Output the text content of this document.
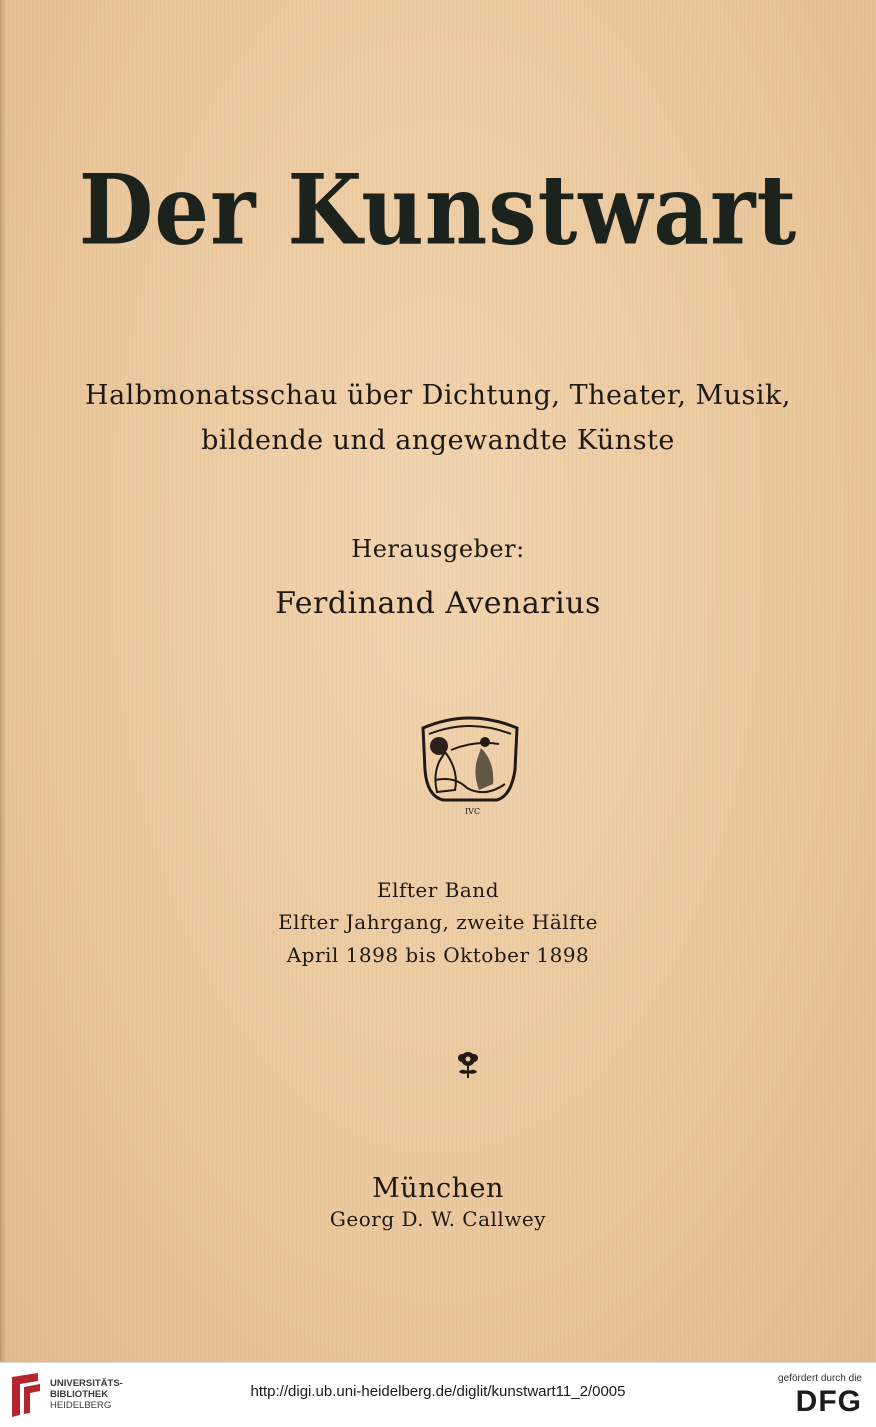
Der Kunstwart
Halbmonatsschau über Dichtung, Theater, Musik,
bildende und angewandte Künste
Herausgeber:
Ferdinand Avenarius
IVC
Elfter Band
Elfter Jahrgang, zweite Hälfte
April 1898 bis Oktober 1898
München
Georg D. W. Callwey
UNIVERSITÄTS-
BIBLIOTHEK
HEIDELBERG
http://digi.ub.uni-heidelberg.de/diglit/kunstwart11_2/0005
gefördert durch die
DFG
